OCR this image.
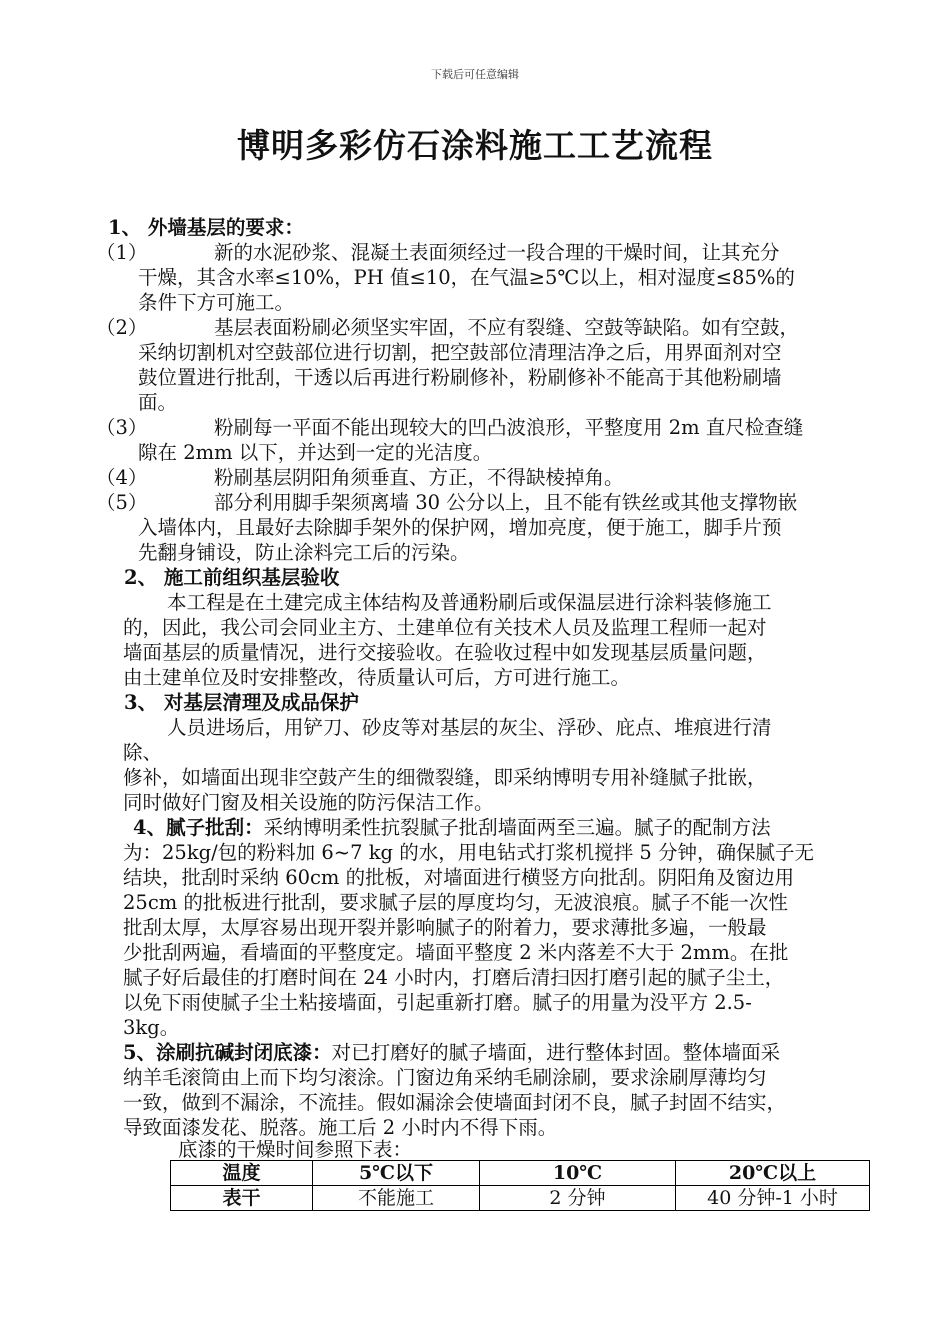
下载后可任意编辑
博明多彩仿石涂料施工工艺流程
1、 外墙基层的要求：
（1）	新的水泥砂浆、混凝土表面须经过一段合理的干燥时间，让其充分
干燥，其含水率≤10%，PH 值≤10，在气温≥5℃以上，相对湿度≤85%的
条件下方可施工。
（2）	基层表面粉刷必须坚实牢固，不应有裂缝、空鼓等缺陷。如有空鼓，
采纳切割机对空鼓部位进行切割，把空鼓部位清理洁净之后，用界面剂对空
鼓位置进行批刮，干透以后再进行粉刷修补，粉刷修补不能高于其他粉刷墙
面。
（3）	粉刷每一平面不能出现较大的凹凸波浪形，平整度用 2m 直尺检查缝
隙在 2mm 以下，并达到一定的光洁度。
（4）	粉刷基层阴阳角须垂直、方正，不得缺棱掉角。
（5）	部分利用脚手架须离墙 30 公分以上，且不能有铁丝或其他支撑物嵌
入墙体内，且最好去除脚手架外的保护网，增加亮度，便于施工，脚手片预
先翻身铺设，防止涂料完工后的污染。
2、 施工前组织基层验收
本工程是在土建完成主体结构及普通粉刷后或保温层进行涂料装修施工
的，因此，我公司会同业主方、土建单位有关技术人员及监理工程师一起对
墙面基层的质量情况，进行交接验收。在验收过程中如发现基层质量问题，
由土建单位及时安排整改，待质量认可后，方可进行施工。
3、 对基层清理及成品保护
人员进场后，用铲刀、砂皮等对基层的灰尘、浮砂、庇点、堆痕进行清
除、
修补，如墙面出现非空鼓产生的细微裂缝，即采纳博明专用补缝腻子批嵌，
同时做好门窗及相关设施的防污保洁工作。
4、腻子批刮：采纳博明柔性抗裂腻子批刮墙面两至三遍。腻子的配制方法
为：25kg/包的粉料加 6~7 kg 的水，用电钻式打浆机搅拌 5 分钟，确保腻子无
结块，批刮时采纳 60cm 的批板，对墙面进行横竖方向批刮。阴阳角及窗边用
25cm 的批板进行批刮，要求腻子层的厚度均匀，无波浪痕。腻子不能一次性
批刮太厚，太厚容易出现开裂并影响腻子的附着力，要求薄批多遍，一般最
少批刮两遍，看墙面的平整度定。墙面平整度 2 米内落差不大于 2mm。在批
腻子好后最佳的打磨时间在 24 小时内，打磨后清扫因打磨引起的腻子尘土，
以免下雨使腻子尘土粘接墙面，引起重新打磨。腻子的用量为没平方 2.5-
3kg。
5、涂刷抗碱封闭底漆：对已打磨好的腻子墙面，进行整体封固。整体墙面采
纳羊毛滚筒由上而下均匀滚涂。门窗边角采纳毛刷涂刷，要求涂刷厚薄均匀
一致，做到不漏涂，不流挂。假如漏涂会使墙面封闭不良，腻子封固不结实，
导致面漆发花、脱落。施工后 2 小时内不得下雨。
底漆的干燥时间参照下表：
温度	5℃以下	10℃	20℃以上
表干	不能施工	2 分钟	40 分钟-1 小时
